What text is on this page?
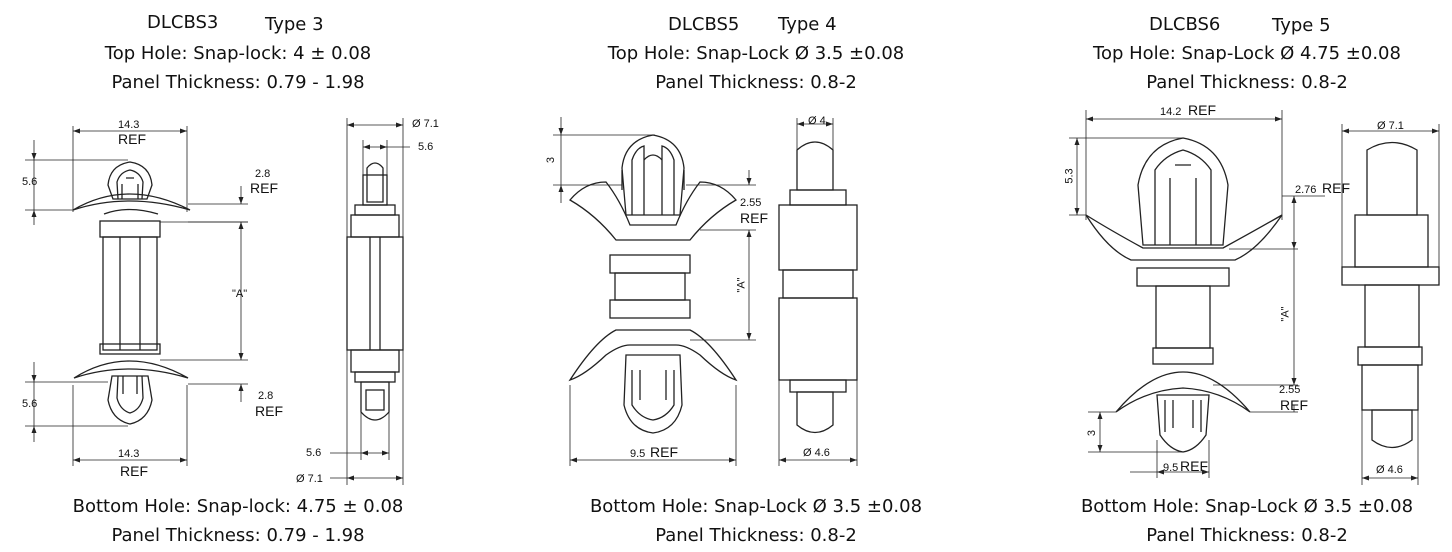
DLCBS3	Type 3
Top Hole: Snap-lock: 4 ± 0.08
Panel Thickness: 0.79 - 1.98
Bottom Hole: Snap-lock: 4.75 ± 0.08
Panel Thickness: 0.79 - 1.98
DLCBS5 Type 4
Top Hole: Snap-Lock Ø 3.5 ±0.08
Panel Thickness: 0.8-2
Bottom Hole: Snap-Lock Ø 3.5 ±0.08
Panel Thickness: 0.8-2
DLCBS6	Type 5
Top Hole: Snap-Lock Ø 4.75 ±0.08
Panel Thickness: 0.8-2
Bottom Hole: Snap-Lock Ø 3.5 ±0.08
Panel Thickness: 0.8-2
14.3
REF
5.6
2.8
REF
"A"
2.8
REF
5.6
14.3
REF
Ø 7.1
5.6
5.6
Ø 7.1
3
2.55
REF
"A"
9.5 REF
Ø 4
Ø 4.6
14.2 REF
5.3
2.76 REF
"A"
2.55
REF
3
9.5 REF
Ø 7.1
Ø 4.6
